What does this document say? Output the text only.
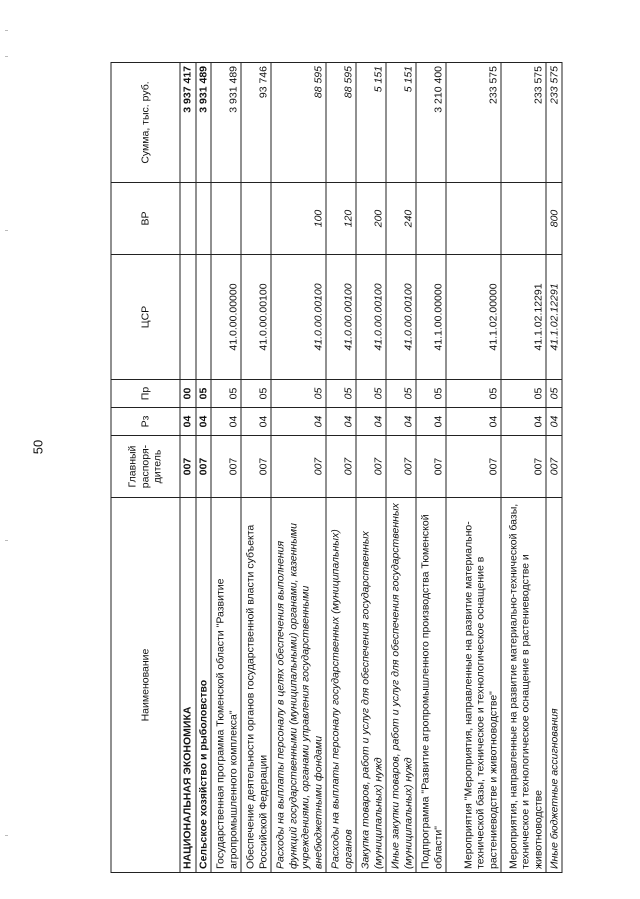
50
Наименование	Главный распоря-дитель	Рз	Пр	ЦСР	ВР	Сумма, тыс. руб.
НАЦИОНАЛЬНАЯ ЭКОНОМИКА	007	04	00			3 937 417
Сельское хозяйство и рыболовство	007	04	05			3 931 489
Государственная программа Тюменской области "Развитие агропромышленного комплекса"	007	04	05	41.0.00.00000		3 931 489
Обеспечение деятельности органов государственной власти субъекта Российской Федерации	007	04	05	41.0.00.00100		93 746
Расходы на выплаты персоналу в целях обеспечения выполнения функций государственными (муниципальными) органами, казенными учреждениями, органами управления государственными внебюджетными фондами	007	04	05	41.0.00.00100	100	88 595
Расходы на выплаты персоналу государственных (муниципальных) органов	007	04	05	41.0.00.00100	120	88 595
Закупка товаров, работ и услуг для обеспечения государственных (муниципальных) нужд	007	04	05	41.0.00.00100	200	5 151
Иные закупки товаров, работ и услуг для обеспечения государственных (муниципальных) нужд	007	04	05	41.0.00.00100	240	5 151
Подпрограмма "Развитие агропромышленного производства Тюменской области"	007	04	05	41.1.00.00000		3 210 400
Мероприятия "Мероприятия, направленные на развитие материально-технической базы, техническое и технологическое оснащение в растениеводстве и животноводстве"	007	04	05	41.1.02.00000		233 575
Мероприятия, направленные на развитие материально-технической базы, техническое и технологическое оснащение в растениеводстве и животноводстве	007	04	05	41.1.02.12291		233 575
Иные бюджетные ассигнования	007	04	05	41.1.02.12291	800	233 575
